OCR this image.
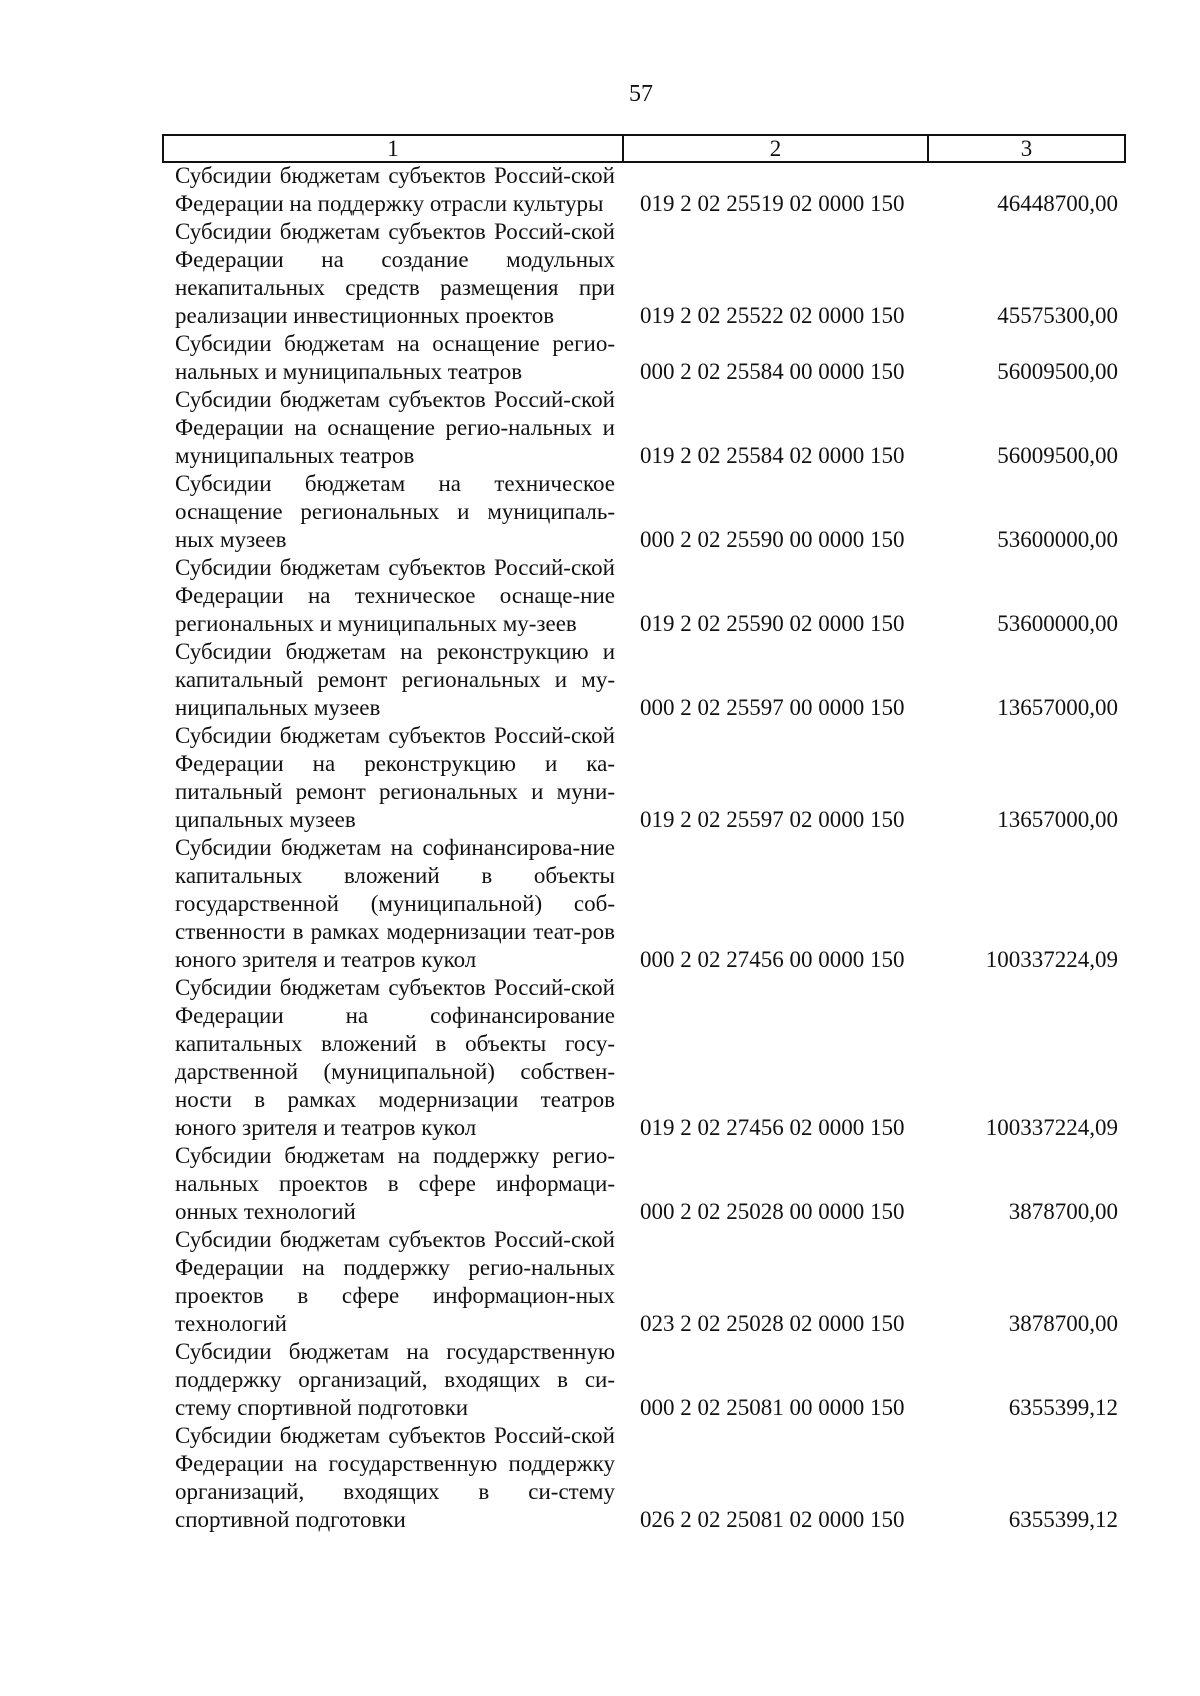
57
1	2	3
Субсидии бюджетам субъектов Россий-ской Федерации на поддержку отрасли культуры	019 2 02 25519 02 0000 150	46448700,00
Субсидии бюджетам субъектов Россий-ской Федерации на создание модульных некапитальных средств размещения при реализации инвестиционных проектов	019 2 02 25522 02 0000 150	45575300,00
Субсидии бюджетам на оснащение регио-нальных и муниципальных театров	000 2 02 25584 00 0000 150	56009500,00
Субсидии бюджетам субъектов Россий-ской Федерации на оснащение регио-нальных и муниципальных театров	019 2 02 25584 02 0000 150	56009500,00
Субсидии бюджетам на техническое оснащение региональных и муниципаль-ных музеев	000 2 02 25590 00 0000 150	53600000,00
Субсидии бюджетам субъектов Россий-ской Федерации на техническое оснаще-ние региональных и муниципальных му-зеев	019 2 02 25590 02 0000 150	53600000,00
Субсидии бюджетам на реконструкцию и капитальный ремонт региональных и му-ниципальных музеев	000 2 02 25597 00 0000 150	13657000,00
Субсидии бюджетам субъектов Россий-ской Федерации на реконструкцию и ка-питальный ремонт региональных и муни-ципальных музеев	019 2 02 25597 02 0000 150	13657000,00
Субсидии бюджетам на софинансирова-ние капитальных вложений в объекты государственной (муниципальной) соб-ственности в рамках модернизации теат-ров юного зрителя и театров кукол	000 2 02 27456 00 0000 150	100337224,09
Субсидии бюджетам субъектов Россий-ской Федерации на софинансирование капитальных вложений в объекты госу-дарственной (муниципальной) собствен-ности в рамках модернизации театров юного зрителя и театров кукол	019 2 02 27456 02 0000 150	100337224,09
Субсидии бюджетам на поддержку регио-нальных проектов в сфере информаци-онных технологий	000 2 02 25028 00 0000 150	3878700,00
Субсидии бюджетам субъектов Россий-ской Федерации на поддержку регио-нальных проектов в сфере информацион-ных технологий	023 2 02 25028 02 0000 150	3878700,00
Субсидии бюджетам на государственную поддержку организаций, входящих в си-стему спортивной подготовки	000 2 02 25081 00 0000 150	6355399,12
Субсидии бюджетам субъектов Россий-ской Федерации на государственную поддержку организаций, входящих в си-стему спортивной подготовки	026 2 02 25081 02 0000 150	6355399,12
